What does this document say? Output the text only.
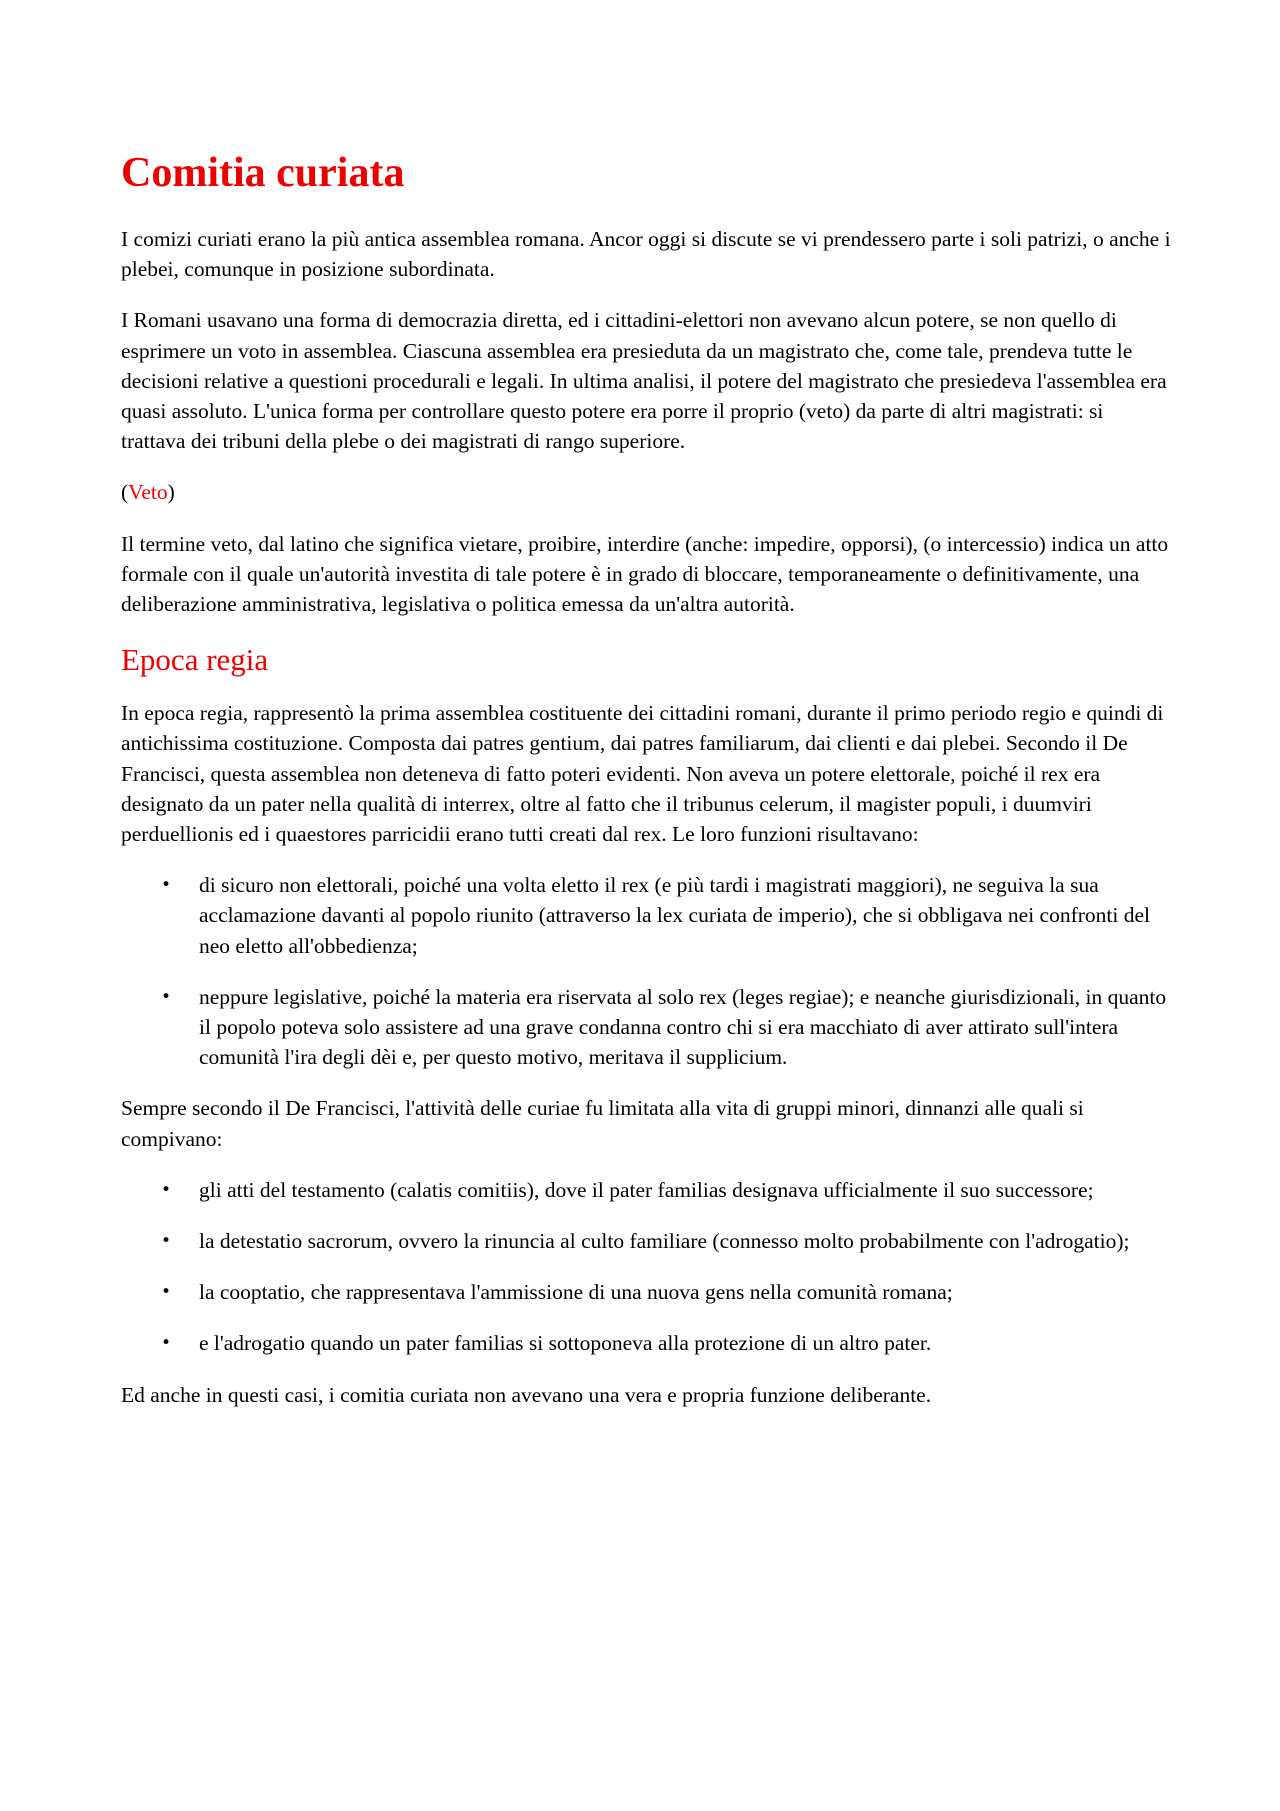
Comitia curiata

I comizi curiati erano la più antica assemblea romana. Ancor oggi si discute se vi prendessero parte i soli patrizi, o anche i plebei, comunque in posizione subordinata.

I Romani usavano una forma di democrazia diretta, ed i cittadini-elettori non avevano alcun potere, se non quello di esprimere un voto in assemblea. Ciascuna assemblea era presieduta da un magistrato che, come tale, prendeva tutte le decisioni relative a questioni procedurali e legali. In ultima analisi, il potere del magistrato che presiedeva l'assemblea era quasi assoluto. L'unica forma per controllare questo potere era porre il proprio (veto) da parte di altri magistrati: si trattava dei tribuni della plebe o dei magistrati di rango superiore.

(Veto)

Il termine veto, dal latino che significa vietare, proibire, interdire (anche: impedire, opporsi), (o intercessio) indica un atto formale con il quale un'autorità investita di tale potere è in grado di bloccare, temporaneamente o definitivamente, una deliberazione amministrativa, legislativa o politica emessa da un'altra autorità.

Epoca regia

In epoca regia, rappresentò la prima assemblea costituente dei cittadini romani, durante il primo periodo regio e quindi di antichissima costituzione. Composta dai patres gentium, dai patres familiarum, dai clienti e dai plebei. Secondo il De Francisci, questa assemblea non deteneva di fatto poteri evidenti. Non aveva un potere elettorale, poiché il rex era designato da un pater nella qualità di interrex, oltre al fatto che il tribunus celerum, il magister populi, i duumviri perduellionis ed i quaestores parricidii erano tutti creati dal rex. Le loro funzioni risultavano:

• di sicuro non elettorali, poiché una volta eletto il rex (e più tardi i magistrati maggiori), ne seguiva la sua acclamazione davanti al popolo riunito (attraverso la lex curiata de imperio), che si obbligava nei confronti del neo eletto all'obbedienza;
• neppure legislative, poiché la materia era riservata al solo rex (leges regiae); e neanche giurisdizionali, in quanto il popolo poteva solo assistere ad una grave condanna contro chi si era macchiato di aver attirato sull'intera comunità l'ira degli dèi e, per questo motivo, meritava il supplicium.

Sempre secondo il De Francisci, l'attività delle curiae fu limitata alla vita di gruppi minori, dinnanzi alle quali si compivano:

• gli atti del testamento (calatis comitiis), dove il pater familias designava ufficialmente il suo successore;
• la detestatio sacrorum, ovvero la rinuncia al culto familiare (connesso molto probabilmente con l'adrogatio);
• la cooptatio, che rappresentava l'ammissione di una nuova gens nella comunità romana;
• e l'adrogatio quando un pater familias si sottoponeva alla protezione di un altro pater.

Ed anche in questi casi, i comitia curiata non avevano una vera e propria funzione deliberante.
